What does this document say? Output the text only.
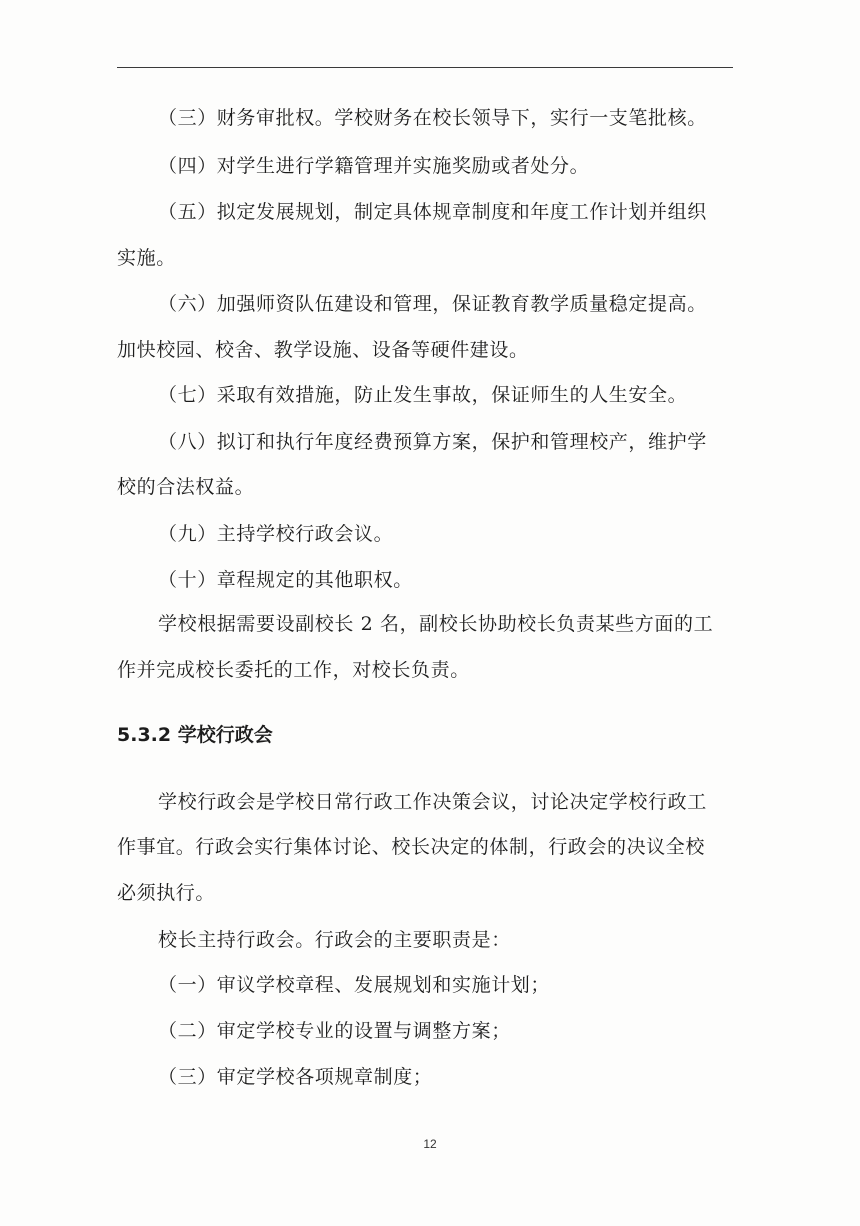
（三）财务审批权。学校财务在校长领导下，实行一支笔批核。
（四）对学生进行学籍管理并实施奖励或者处分。
（五）拟定发展规划，制定具体规章制度和年度工作计划并组织
实施。
（六）加强师资队伍建设和管理，保证教育教学质量稳定提高。
加快校园、校舍、教学设施、设备等硬件建设。
（七）采取有效措施，防止发生事故，保证师生的人生安全。
（八）拟订和执行年度经费预算方案，保护和管理校产，维护学
校的合法权益。
（九）主持学校行政会议。
（十）章程规定的其他职权。
学校根据需要设副校长 2 名，副校长协助校长负责某些方面的工
作并完成校长委托的工作，对校长负责。
5.3.2 学校行政会
学校行政会是学校日常行政工作决策会议，讨论决定学校行政工
作事宜。行政会实行集体讨论、校长决定的体制，行政会的决议全校
必须执行。
校长主持行政会。行政会的主要职责是：
（一）审议学校章程、发展规划和实施计划；
（二）审定学校专业的设置与调整方案；
（三）审定学校各项规章制度；
12
